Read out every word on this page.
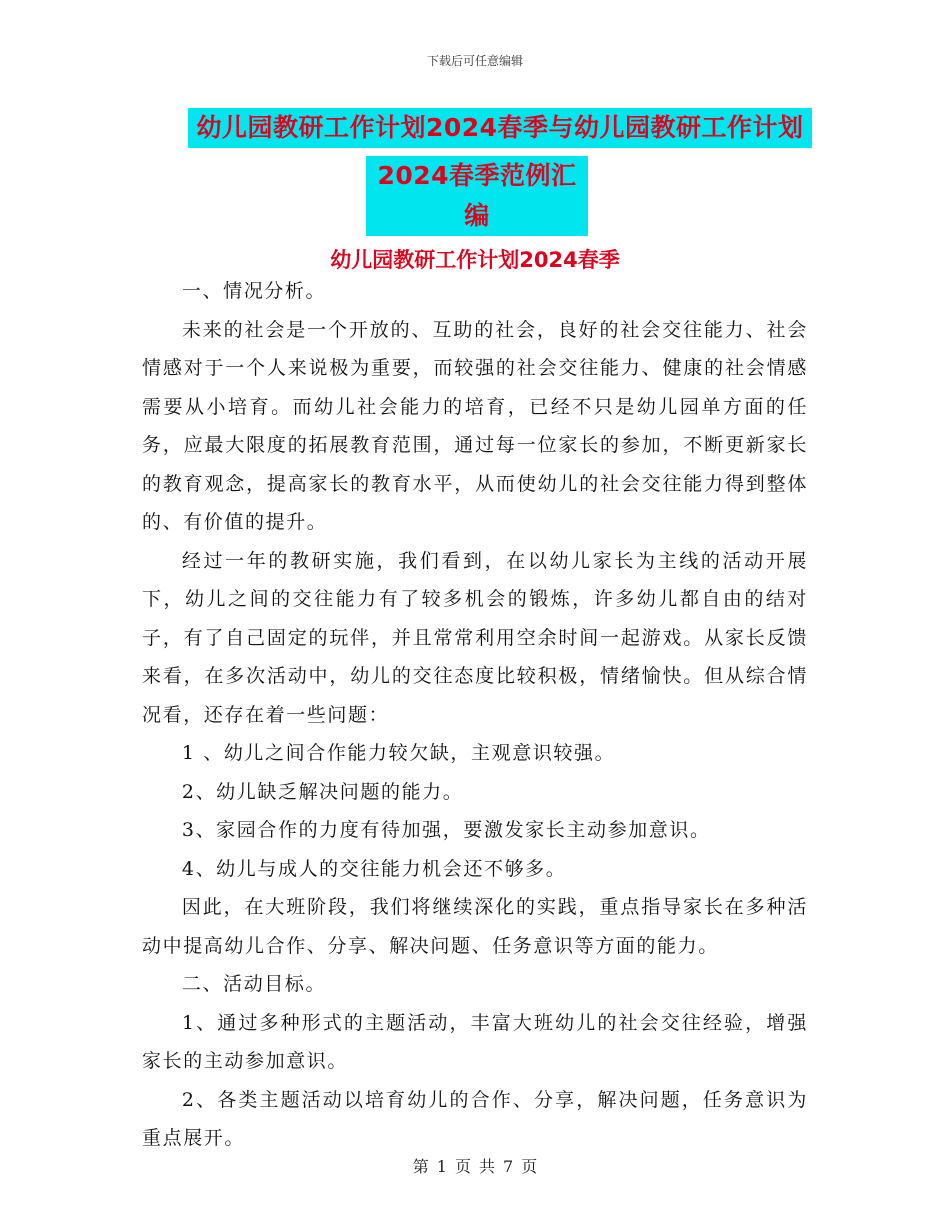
下载后可任意编辑
幼儿园教研工作计划2024春季与幼儿园教研工作计划
2024春季范例汇编
幼儿园教研工作计划2024春季

一、情况分析。

未来的社会是一个开放的、互助的社会，良好的社会交往能力、社会情感对于一个人来说极为重要，而较强的社会交往能力、健康的社会情感需要从小培育。而幼儿社会能力的培育，已经不只是幼儿园单方面的任务，应最大限度的拓展教育范围，通过每一位家长的参加，不断更新家长的教育观念，提高家长的教育水平，从而使幼儿的社会交往能力得到整体的、有价值的提升。

经过一年的教研实施，我们看到，在以幼儿家长为主线的活动开展下，幼儿之间的交往能力有了较多机会的锻炼，许多幼儿都自由的结对子，有了自己固定的玩伴，并且常常利用空余时间一起游戏。从家长反馈来看，在多次活动中，幼儿的交往态度比较积极，情绪愉快。但从综合情况看，还存在着一些问题：

1 、幼儿之间合作能力较欠缺，主观意识较强。

2、幼儿缺乏解决问题的能力。

3、家园合作的力度有待加强，要激发家长主动参加意识。

4、幼儿与成人的交往能力机会还不够多。

因此，在大班阶段，我们将继续深化的实践，重点指导家长在多种活动中提高幼儿合作、分享、解决问题、任务意识等方面的能力。

二、活动目标。

1、通过多种形式的主题活动，丰富大班幼儿的社会交往经验，增强家长的主动参加意识。

2、各类主题活动以培育幼儿的合作、分享，解决问题，任务意识为重点展开。

第 1 页 共 7 页
